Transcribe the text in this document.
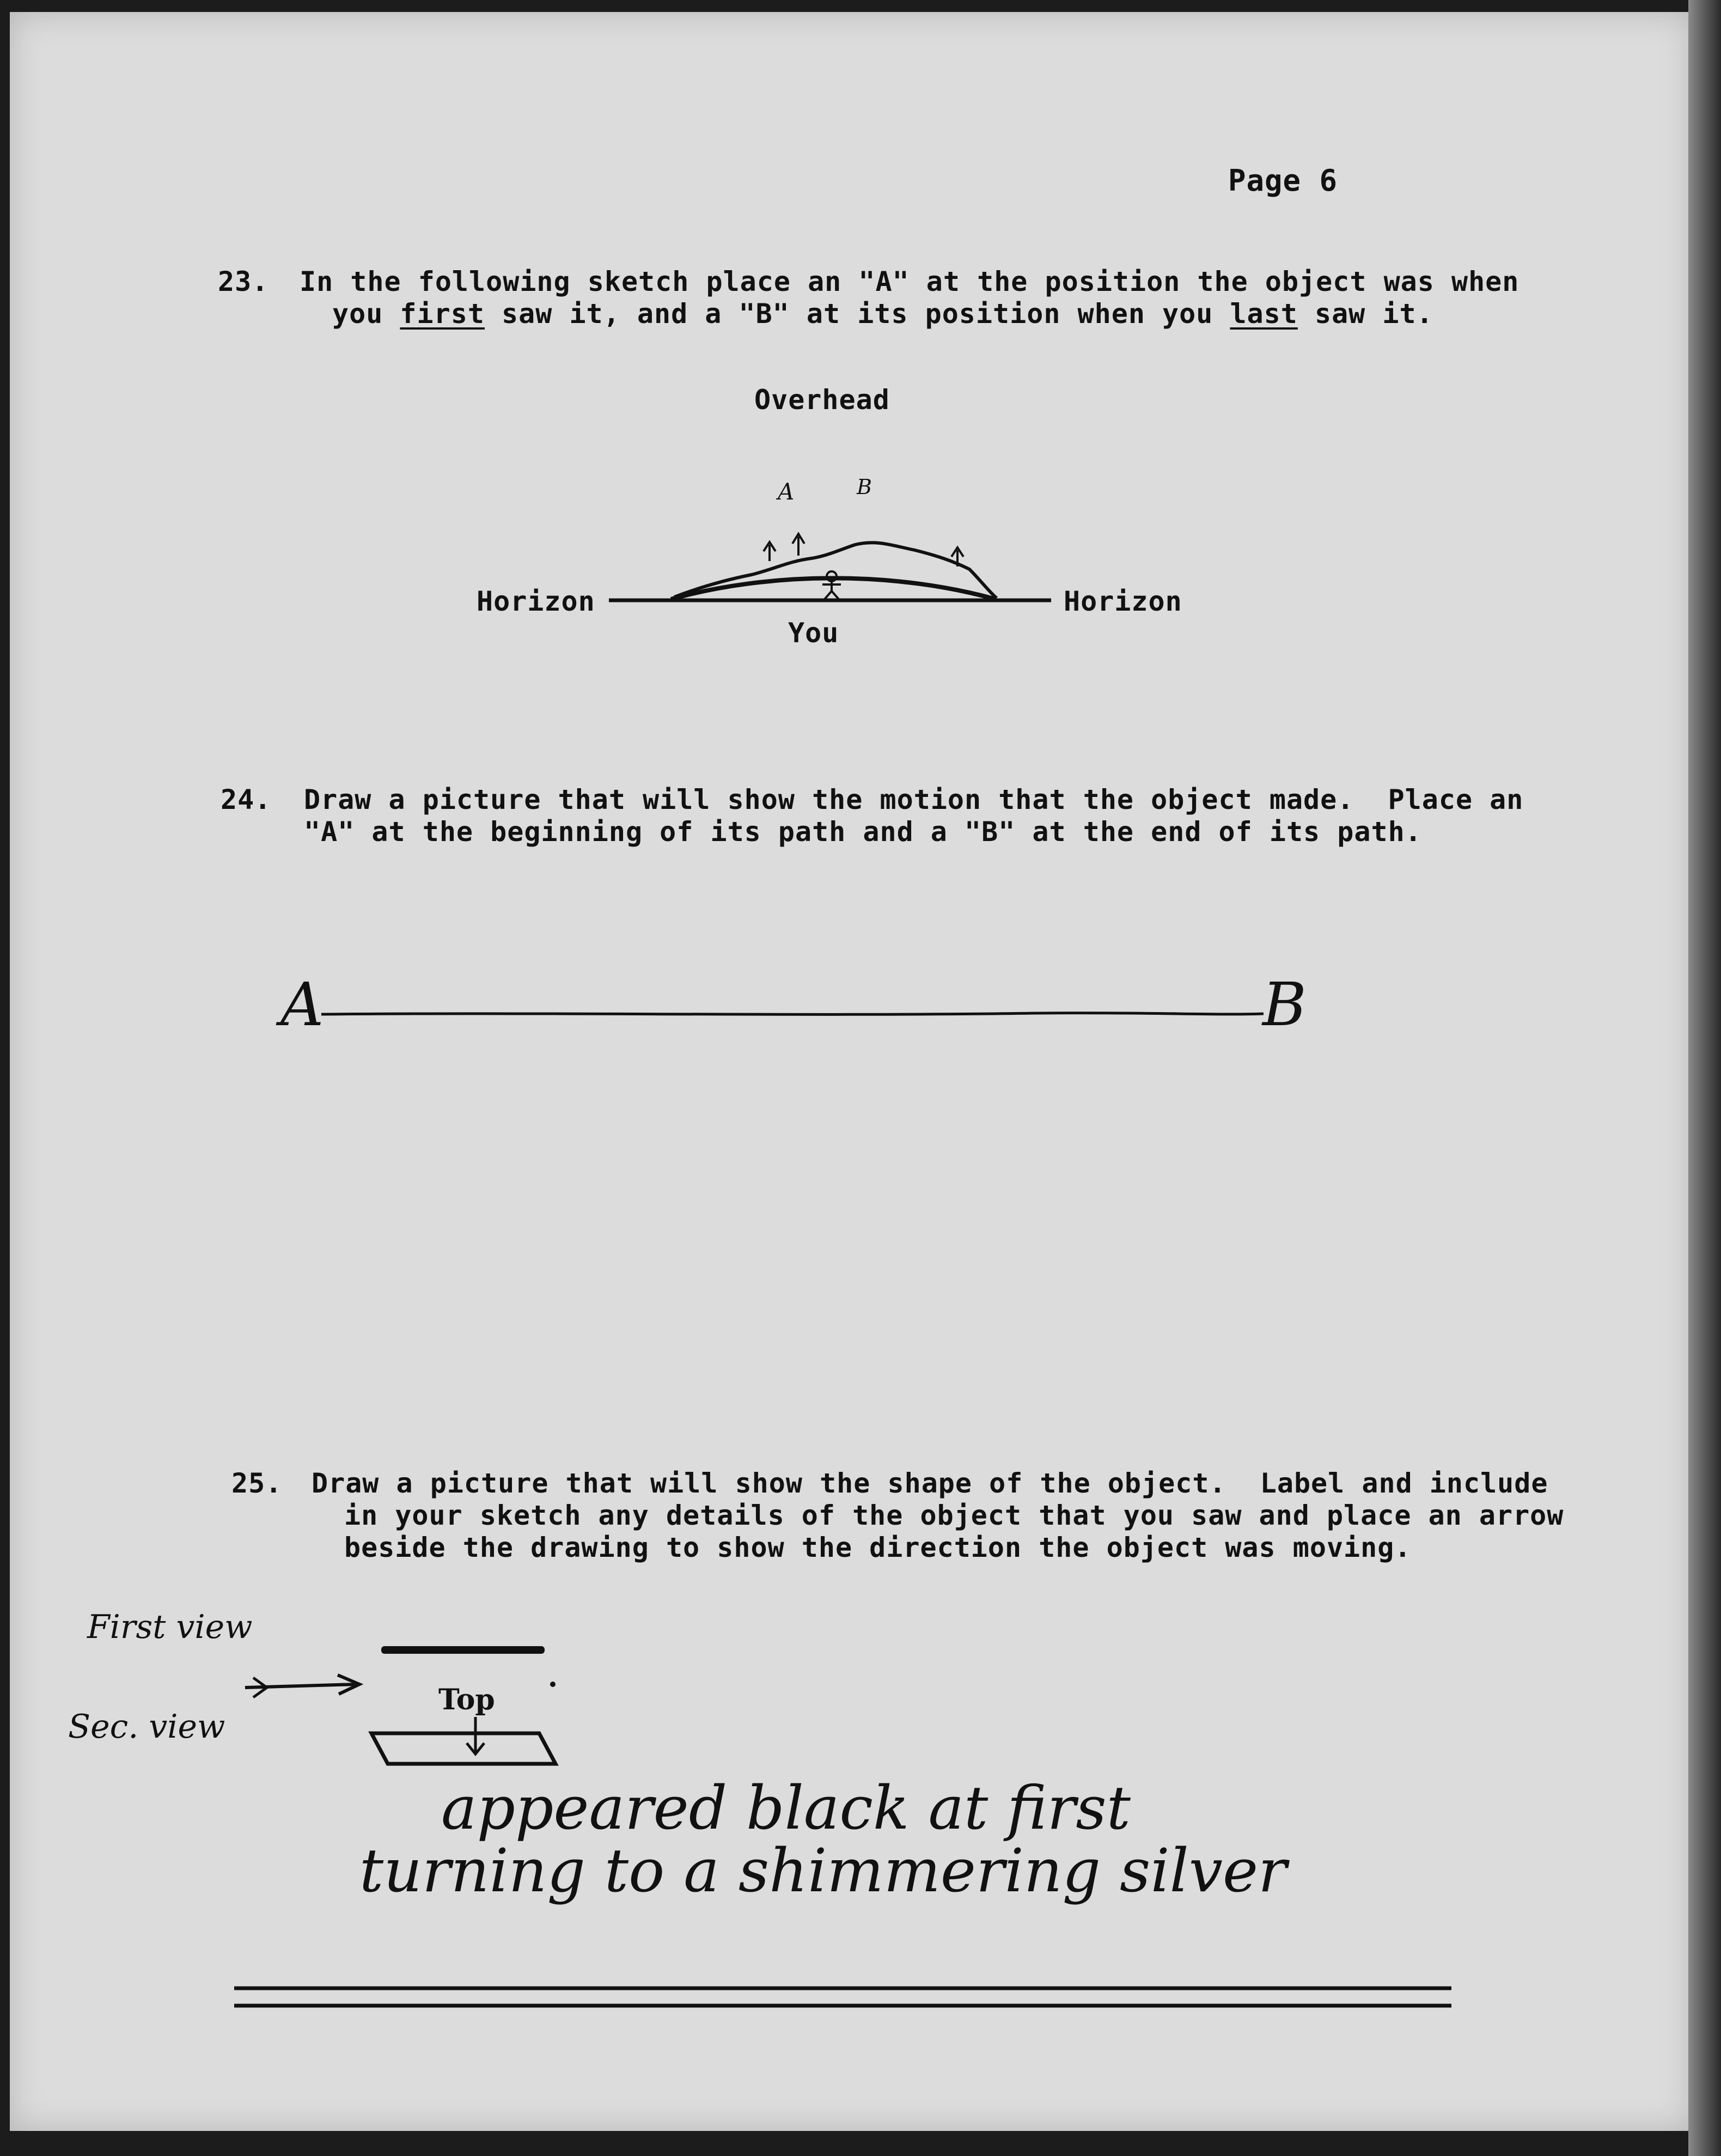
Page 6
23. In the following sketch place an "A" at the position the object was when
you first saw it, and a "B" at its position when you last saw it.
Overhead
Horizon	Horizon
You
A	B
24. Draw a picture that will show the motion that the object made.  Place an
"A" at the beginning of its path and a "B" at the end of its path.
A	B
25. Draw a picture that will show the shape of the object.  Label and include
in your sketch any details of the object that you saw and place an arrow
beside the drawing to show the direction the object was moving.
First view
Sec. view
Top
appeared black at first
turning to a shimmering silver
